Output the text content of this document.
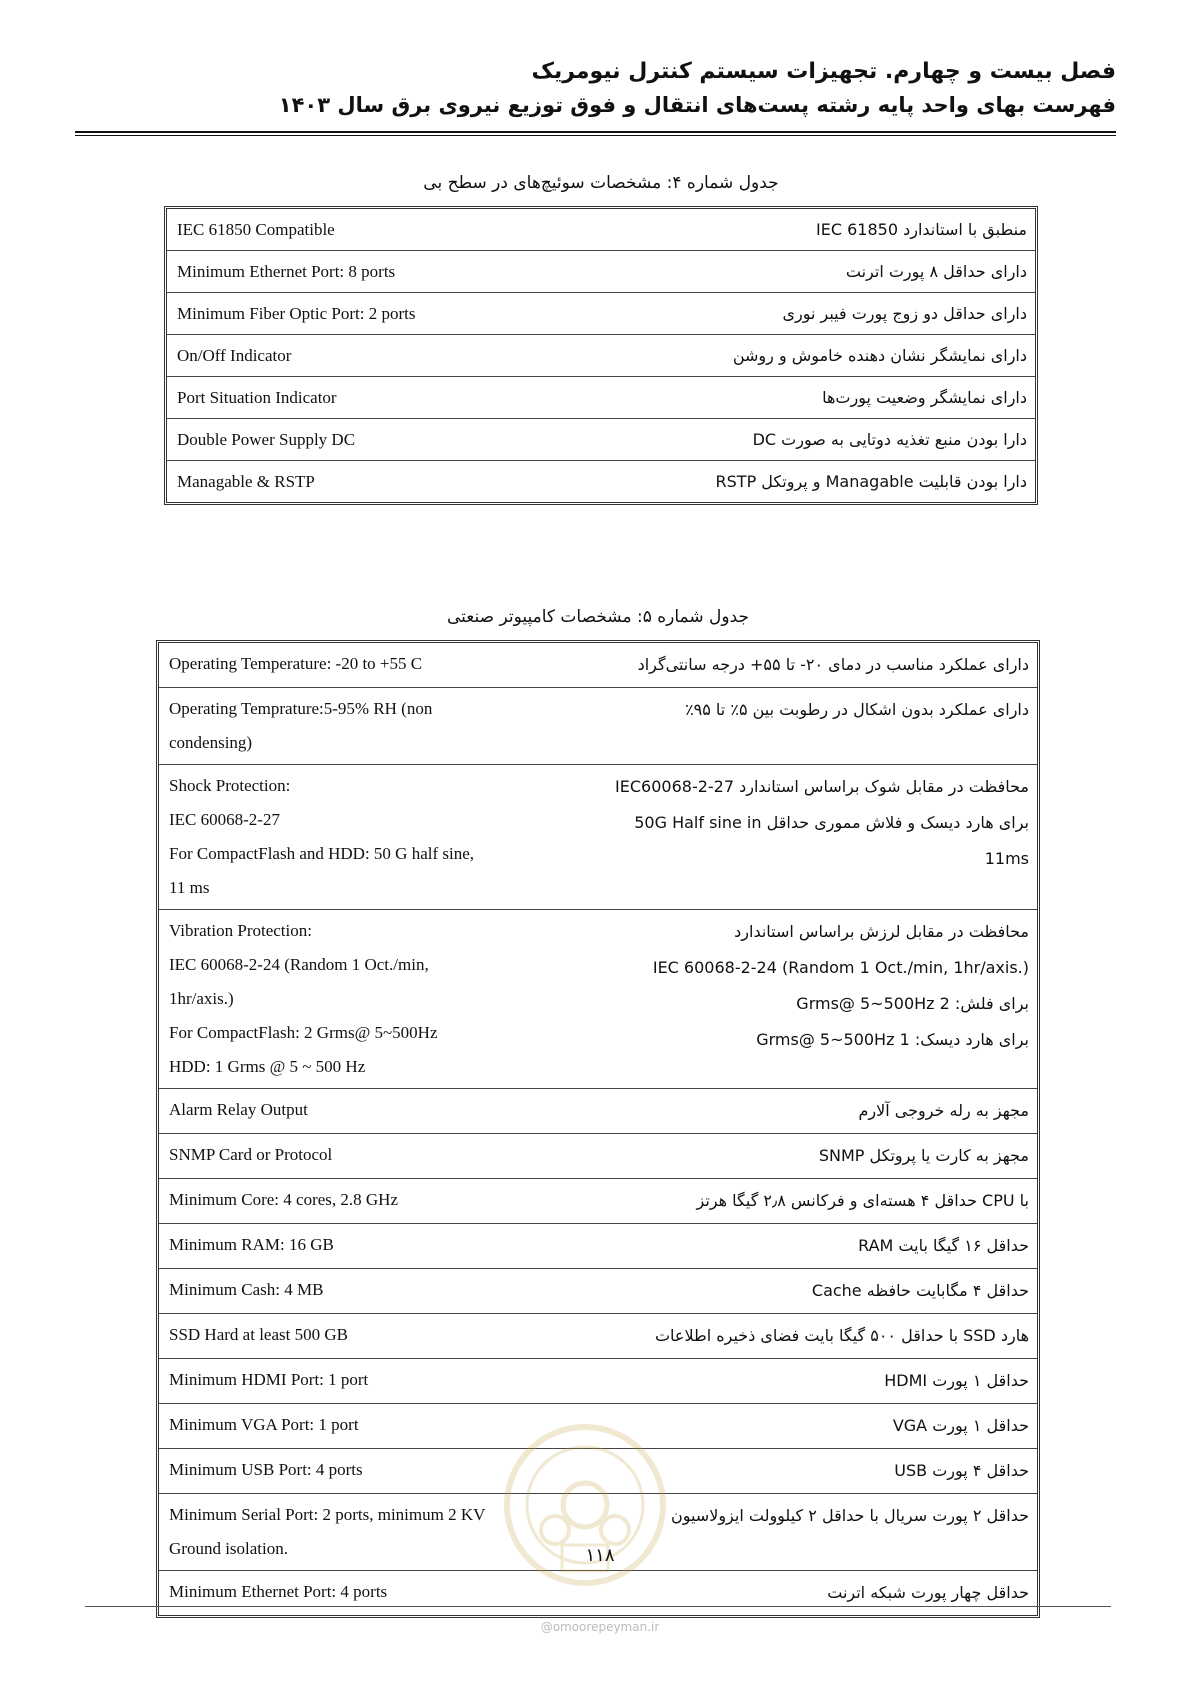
فصل بیست و چهارم. تجهیزات سیستم کنترل نیومریک
فهرست بهای واحد پایه رشته پست‌های انتقال و فوق توزیع نیروی برق سال ۱۴۰۳
جدول شماره ۴: مشخصات سوئیچ‌های در سطح بی
IEC 61850 Compatible	منطبق با استاندارد IEC 61850
Minimum Ethernet Port: 8 ports	دارای حداقل ۸ پورت اترنت
Minimum Fiber Optic Port: 2 ports	دارای حداقل دو زوج پورت فیبر نوری
On/Off Indicator	دارای نمایشگر نشان دهنده خاموش و روشن
Port Situation Indicator	دارای نمایشگر وضعیت پورت‌ها
Double Power Supply DC	دارا بودن منبع تغذیه دوتایی به صورت DC
Managable & RSTP	دارا بودن قابلیت Managable و پروتکل RSTP
جدول شماره ۵: مشخصات کامپیوتر صنعتی
Operating Temperature: -20 to +55 C	دارای عملکرد مناسب در دمای ۲۰- تا ۵۵+ درجه سانتی‌گراد

Operating Temprature:5-95% RH (non
condensing)	دارای عملکرد بدون اشکال در رطوبت بین ۵٪ تا ۹۵٪

Shock Protection:
IEC 60068-2-27
For CompactFlash and HDD: 50 G half sine,
11 ms	محافظت در مقابل شوک براساس استاندارد IEC60068-2-27
برای هارد دیسک و فلاش مموری حداقل 50G Half sine in
11ms

Vibration Protection:
IEC 60068-2-24 (Random 1 Oct./min,
1hr/axis.)
For CompactFlash: 2 Grms@ 5~500Hz
HDD: 1 Grms @ 5 ~ 500 Hz	محافظت در مقابل لرزش براساس استاندارد
IEC 60068-2-24 (Random 1 Oct./min, 1hr/axis.)
برای فلش: 2 Grms@ 5~500Hz
برای هارد دیسک: 1 Grms@ 5~500Hz

Alarm Relay Output	مجهز به رله خروجی آلارم

SNMP Card or Protocol	مجهز به کارت یا پروتکل SNMP

Minimum Core: 4 cores, 2.8 GHz	با CPU حداقل ۴ هسته‌ای و فرکانس ۲٫۸ گیگا هرتز

Minimum RAM: 16 GB	حداقل ۱۶ گیگا بایت RAM

Minimum Cash: 4 MB	حداقل ۴ مگابایت حافظه Cache

SSD Hard at least 500 GB	هارد SSD با حداقل ۵۰۰ گیگا بایت فضای ذخیره اطلاعات

Minimum HDMI Port: 1 port	حداقل ۱ پورت HDMI

Minimum VGA Port: 1 port	حداقل ۱ پورت VGA

Minimum USB Port: 4 ports	حداقل ۴ پورت USB

Minimum Serial Port: 2 ports, minimum 2 KV
Ground isolation.	حداقل ۲ پورت سریال با حداقل ۲ کیلوولت ایزولاسیون

Minimum Ethernet Port: 4 ports	حداقل چهار پورت شبکه اترنت
۱۱۸
@omoorepeyman.ir
